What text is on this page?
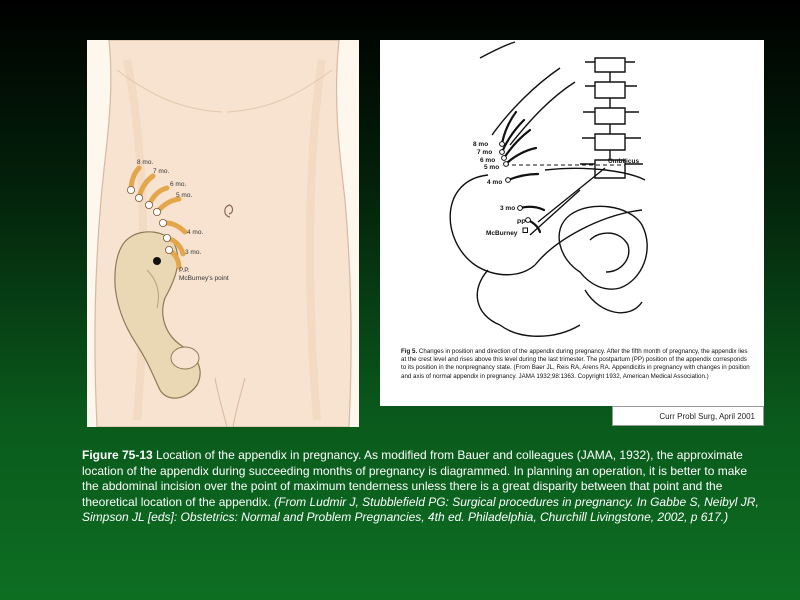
8 mo.
7 mo.
6 mo.
5 mo.
4 mo.
3 mo.
P.P.
McBurney's point
8 mo
7 mo
6 mo
5 mo
4 mo
3 mo
PP
McBurney
Umbilicus
Fig 5. Changes in position and direction of the appendix during pregnancy. After the fifth month of pregnancy, the appendix lies at the crest level and rises above this level during the last trimester. The postpartum (PP) position of the appendix corresponds to its position in the nonpregnancy state. (From Baer JL, Reis RA, Arens RA. Appendicitis in pregnancy with changes in position and axis of normal appendix in pregnancy. JAMA 1932;98:1363. Copyright 1932, American Medical Association.)
Curr Probl Surg, April 2001
Figure 75-13 Location of the appendix in pregnancy. As modified from Bauer and colleagues (JAMA, 1932), the approximate location of the appendix during succeeding months of pregnancy is diagrammed. In planning an operation, it is better to make the abdominal incision over the point of maximum tenderness unless there is a great disparity between that point and the theoretical location of the appendix. (From Ludmir J, Stubblefield PG: Surgical procedures in pregnancy. In Gabbe S, Neibyl JR, Simpson JL [eds]: Obstetrics: Normal and Problem Pregnancies, 4th ed. Philadelphia, Churchill Livingstone, 2002, p 617.)
